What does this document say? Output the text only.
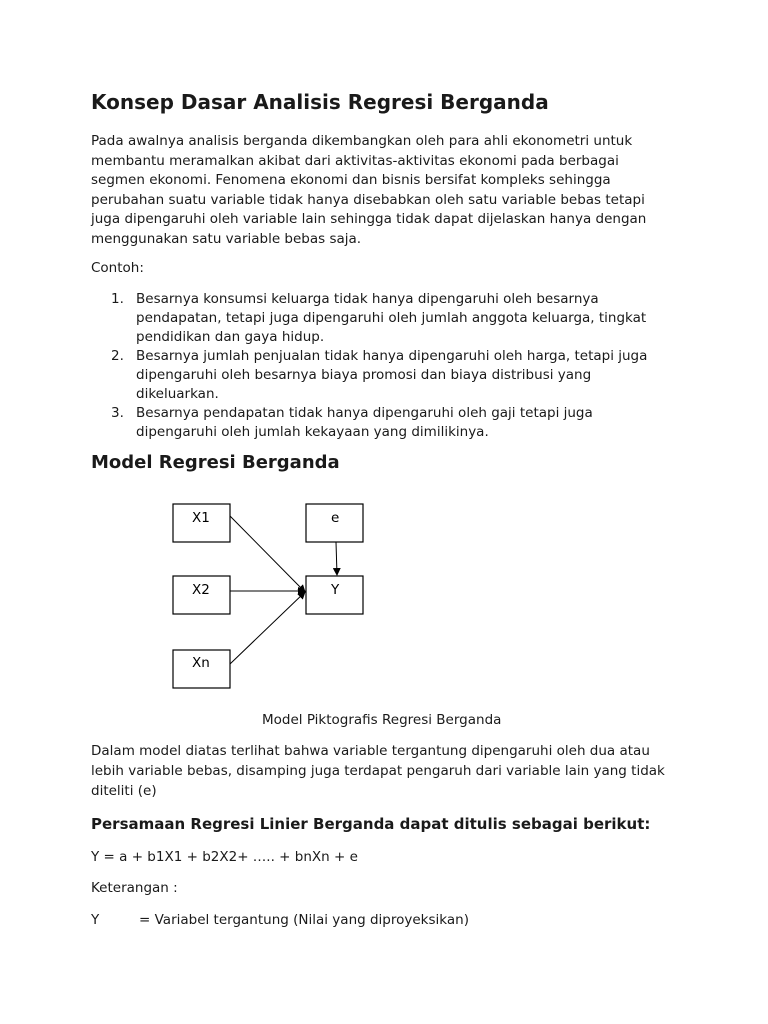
Konsep Dasar Analisis Regresi Berganda

Pada awalnya analisis berganda dikembangkan oleh para ahli ekonometri untuk

membantu meramalkan akibat dari aktivitas-aktivitas ekonomi pada berbagai

segmen ekonomi. Fenomena ekonomi dan bisnis bersifat kompleks sehingga

perubahan suatu variable tidak hanya disebabkan oleh satu variable bebas tetapi

juga dipengaruhi oleh variable lain sehingga tidak dapat dijelaskan hanya dengan

menggunakan satu variable bebas saja.

Contoh:

1. Besarnya konsumsi keluarga tidak hanya dipengaruhi oleh besarnya
pendapatan, tetapi juga dipengaruhi oleh jumlah anggota keluarga, tingkat
pendidikan dan gaya hidup.
2. Besarnya jumlah penjualan tidak hanya dipengaruhi oleh harga, tetapi juga
dipengaruhi oleh besarnya biaya promosi dan biaya distribusi yang
dikeluarkan.
3. Besarnya pendapatan tidak hanya dipengaruhi oleh gaji tetapi juga
dipengaruhi oleh jumlah kekayaan yang dimilikinya.
Model Regresi Berganda

Dalam model diatas terlihat bahwa variable tergantung dipengaruhi oleh dua atau

lebih variable bebas, disamping juga terdapat pengaruh dari variable lain yang tidak

diteliti (e)

Persamaan Regresi Linier Berganda dapat ditulis sebagai berikut:

Y = a + b1X1 + b2X2+ ….. + bnXn + e

Keterangan :

Y	= Variabel tergantung (Nilai yang diproyeksikan)
X1
X2
Xn
e
Y
Model Piktografis Regresi Berganda
